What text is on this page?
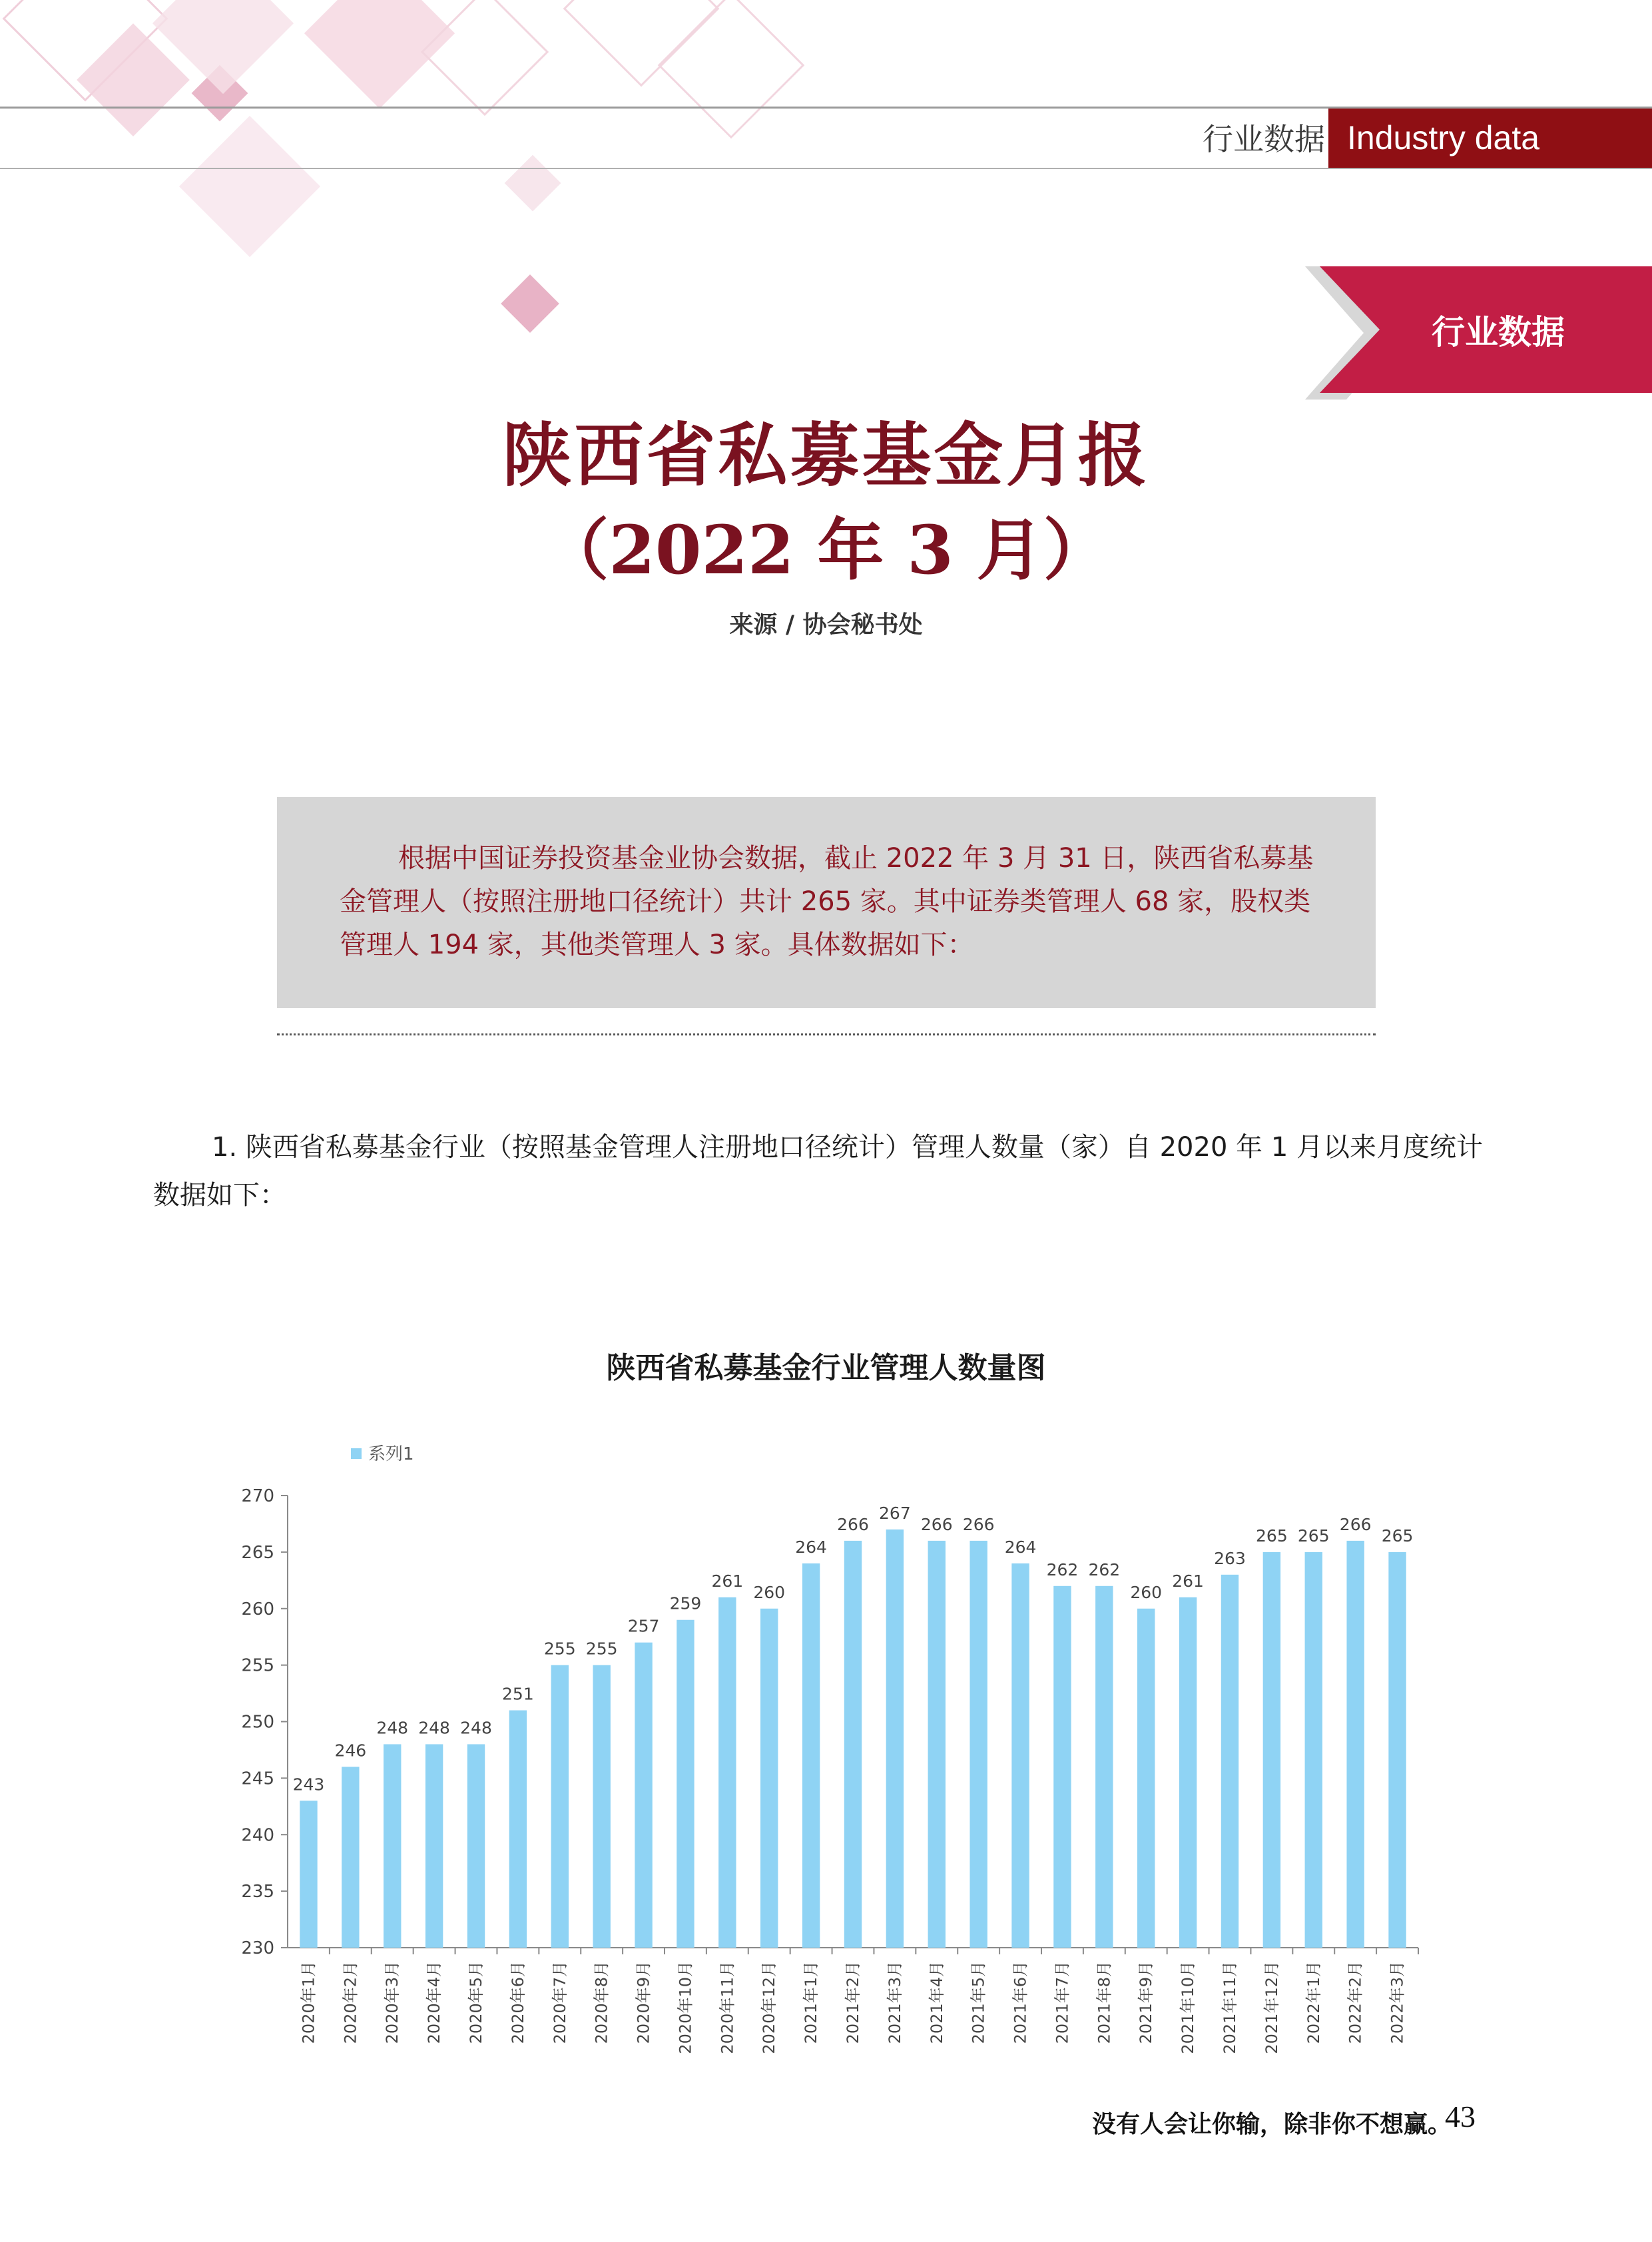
行业数据 Industry data
行业数据
陕西省私募基金月报
（2022 年 3 月）
来源 / 协会秘书处
根据中国证券投资基金业协会数据，截止 2022 年 3 月 31 日，陕西省私募基金管理人（按照注册地口径统计）共计 265 家。其中证券类管理人 68 家，股权类管理人 194 家，其他类管理人 3 家。具体数据如下：
1. 陕西省私募基金行业（按照基金管理人注册地口径统计）管理人数量（家）自 2020 年 1 月以来月度统计数据如下：
陕西省私募基金行业管理人数量图
系列1
230
235
240
245
250
255
260
265
270
243
2020年1月
246
2020年2月
248
2020年3月
248
2020年4月
248
2020年5月
251
2020年6月
255
2020年7月
255
2020年8月
257
2020年9月
259
2020年10月
261
2020年11月
260
2020年12月
264
2021年1月
266
2021年2月
267
2021年3月
266
2021年4月
266
2021年5月
264
2021年6月
262
2021年7月
262
2021年8月
260
2021年9月
261
2021年10月
263
2021年11月
265
2021年12月
265
2022年1月
266
2022年2月
265
2022年3月
没有人会让你输，除非你不想赢。
43
